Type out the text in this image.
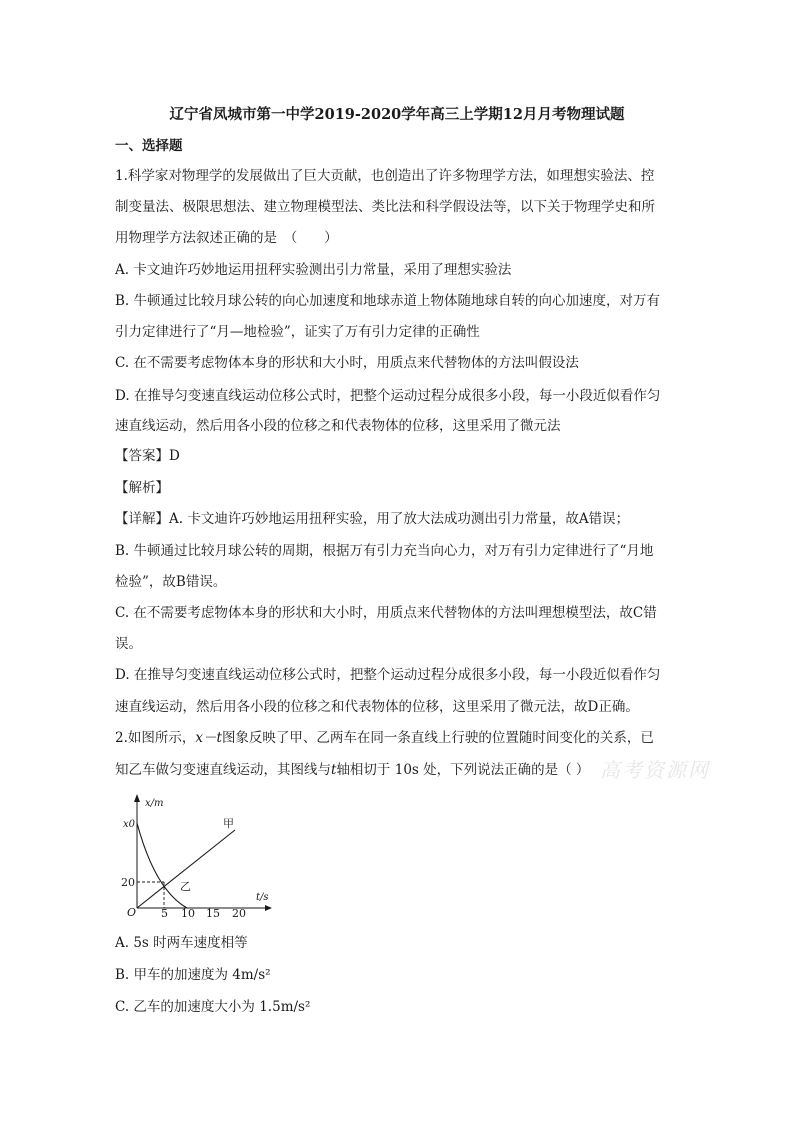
辽宁省凤城市第一中学2019-2020学年高三上学期12月月考物理试题
一、选择题
1.科学家对物理学的发展做出了巨大贡献，也创造出了许多物理学方法，如理想实验法、控
制变量法、极限思想法、建立物理模型法、类比法和科学假设法等，以下关于物理学史和所
用物理学方法叙述正确的是　（　　）
A. 卡文迪许巧妙地运用扭秤实验测出引力常量，采用了理想实验法
B. 牛顿通过比较月球公转的向心加速度和地球赤道上物体随地球自转的向心加速度，对万有
引力定律进行了“月—地检验”，证实了万有引力定律的正确性
C. 在不需要考虑物体本身的形状和大小时，用质点来代替物体的方法叫假设法
D. 在推导匀变速直线运动位移公式时，把整个运动过程分成很多小段，每一小段近似看作匀
速直线运动，然后用各小段的位移之和代表物体的位移，这里采用了微元法
【答案】D
【解析】
【详解】A. 卡文迪许巧妙地运用扭秤实验，用了放大法成功测出引力常量，故A错误；
B. 牛顿通过比较月球公转的周期，根据万有引力充当向心力，对万有引力定律进行了“月地
检验”，故B错误。
C. 在不需要考虑物体本身的形状和大小时，用质点来代替物体的方法叫理想模型法，故C错
误。
D. 在推导匀变速直线运动位移公式时，把整个运动过程分成很多小段，每一小段近似看作匀
速直线运动，然后用各小段的位移之和代表物体的位移，这里采用了微元法，故D正确。
2.如图所示，x－t图象反映了甲、乙两车在同一条直线上行驶的位置随时间变化的关系，已
知乙车做匀变速直线运动，其图线与t轴相切于 10s 处，下列说法正确的是（ ） 高考资源网
x/m
t/s
O
x0
20
5 10 15 20
甲
乙
A. 5s 时两车速度相等
B. 甲车的加速度为 4m/s²
C. 乙车的加速度大小为 1.5m/s²
